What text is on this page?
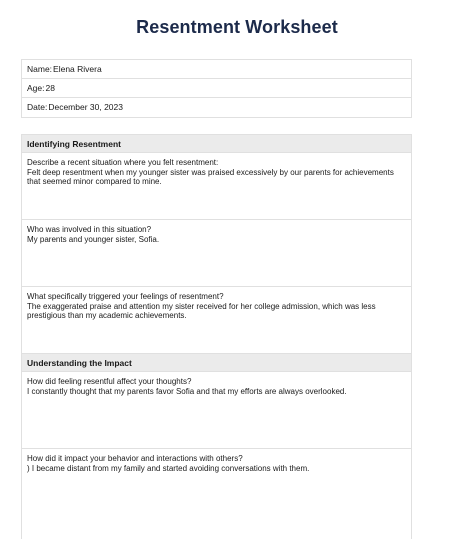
Resentment Worksheet
Name: Elena Rivera
Age: 28
Date: December 30, 2023
Identifying Resentment
Describe a recent situation where you felt resentment:
Felt deep resentment when my younger sister was praised excessively by our parents for achievements that seemed minor compared to mine.
Who was involved in this situation?
My parents and younger sister, Sofia.
What specifically triggered your feelings of resentment?
The exaggerated praise and attention my sister received for her college admission, which was less prestigious than my academic achievements.
Understanding the Impact
How did feeling resentful affect your thoughts?
I constantly thought that my parents favor Sofia and that my efforts are always overlooked.
How did it impact your behavior and interactions with others?
) I became distant from my family and started avoiding conversations with them.
